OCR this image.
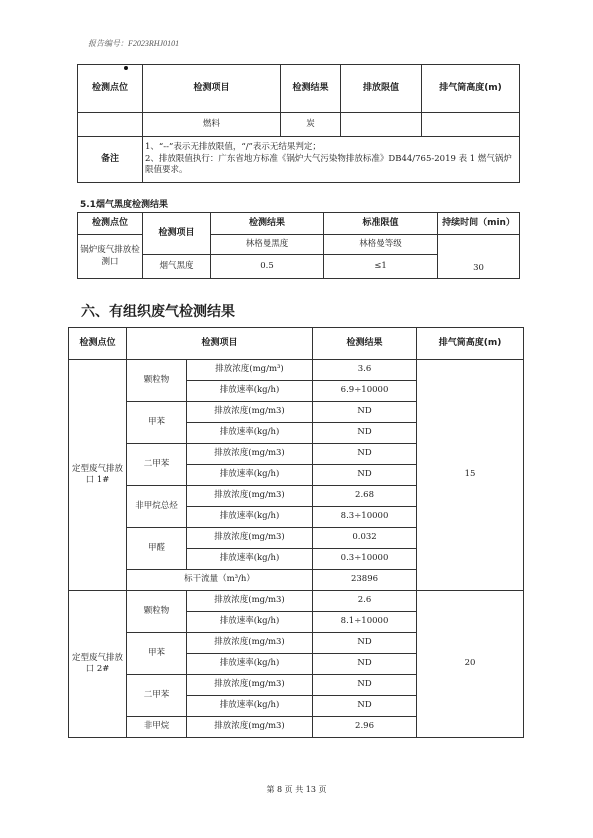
报告编号：F2023RHJ0101
检测点位	检测项目	检测结果	排放限值	排气筒高度(m)
	燃料	炭		
备注	1、“--”表示无排放限值，“/”表示无结果判定；
2、排放限值执行：广东省地方标准《锅炉大气污染物排放标准》DB44/765-2019 表 1 燃气锅炉限值要求。			
5.1烟气黑度检测结果
检测点位	检测项目	检测结果	标准限值	持续时间（min）
锅炉废气排放检测口		林格曼黑度	林格曼等级	30
	烟气黑度	0.5	≤1	
六、有组织废气检测结果
检测点位	检测项目		检测结果	排气筒高度(m)
定型废气排放口 1#	颗粒物	排放浓度(mg/m³)	3.6	15
		排放速率(kg/h)	6.9÷10000	
	甲苯	排放浓度(mg/m3)	ND	
		排放速率(kg/h)	ND	
	二甲苯	排放浓度(mg/m3)	ND	
		排放速率(kg/h)	ND	
	非甲烷总烃	排放浓度(mg/m3)	2.68	
		排放速率(kg/h)	8.3÷10000	
	甲醛	排放浓度(mg/m3)	0.032	
		排放速率(kg/h)	0.3÷10000	
	标干流量（m³/h）		23896	
定型废气排放口 2#	颗粒物	排放浓度(mg/m3)	2.6	20
		排放速率(kg/h)	8.1÷10000	
	甲苯	排放浓度(mg/m3)	ND	
		排放速率(kg/h)	ND	
	二甲苯	排放浓度(mg/m3)	ND	
		排放速率(kg/h)	ND	
	非甲烷	排放浓度(mg/m3)	2.96	
第 8 页 共 13 页
